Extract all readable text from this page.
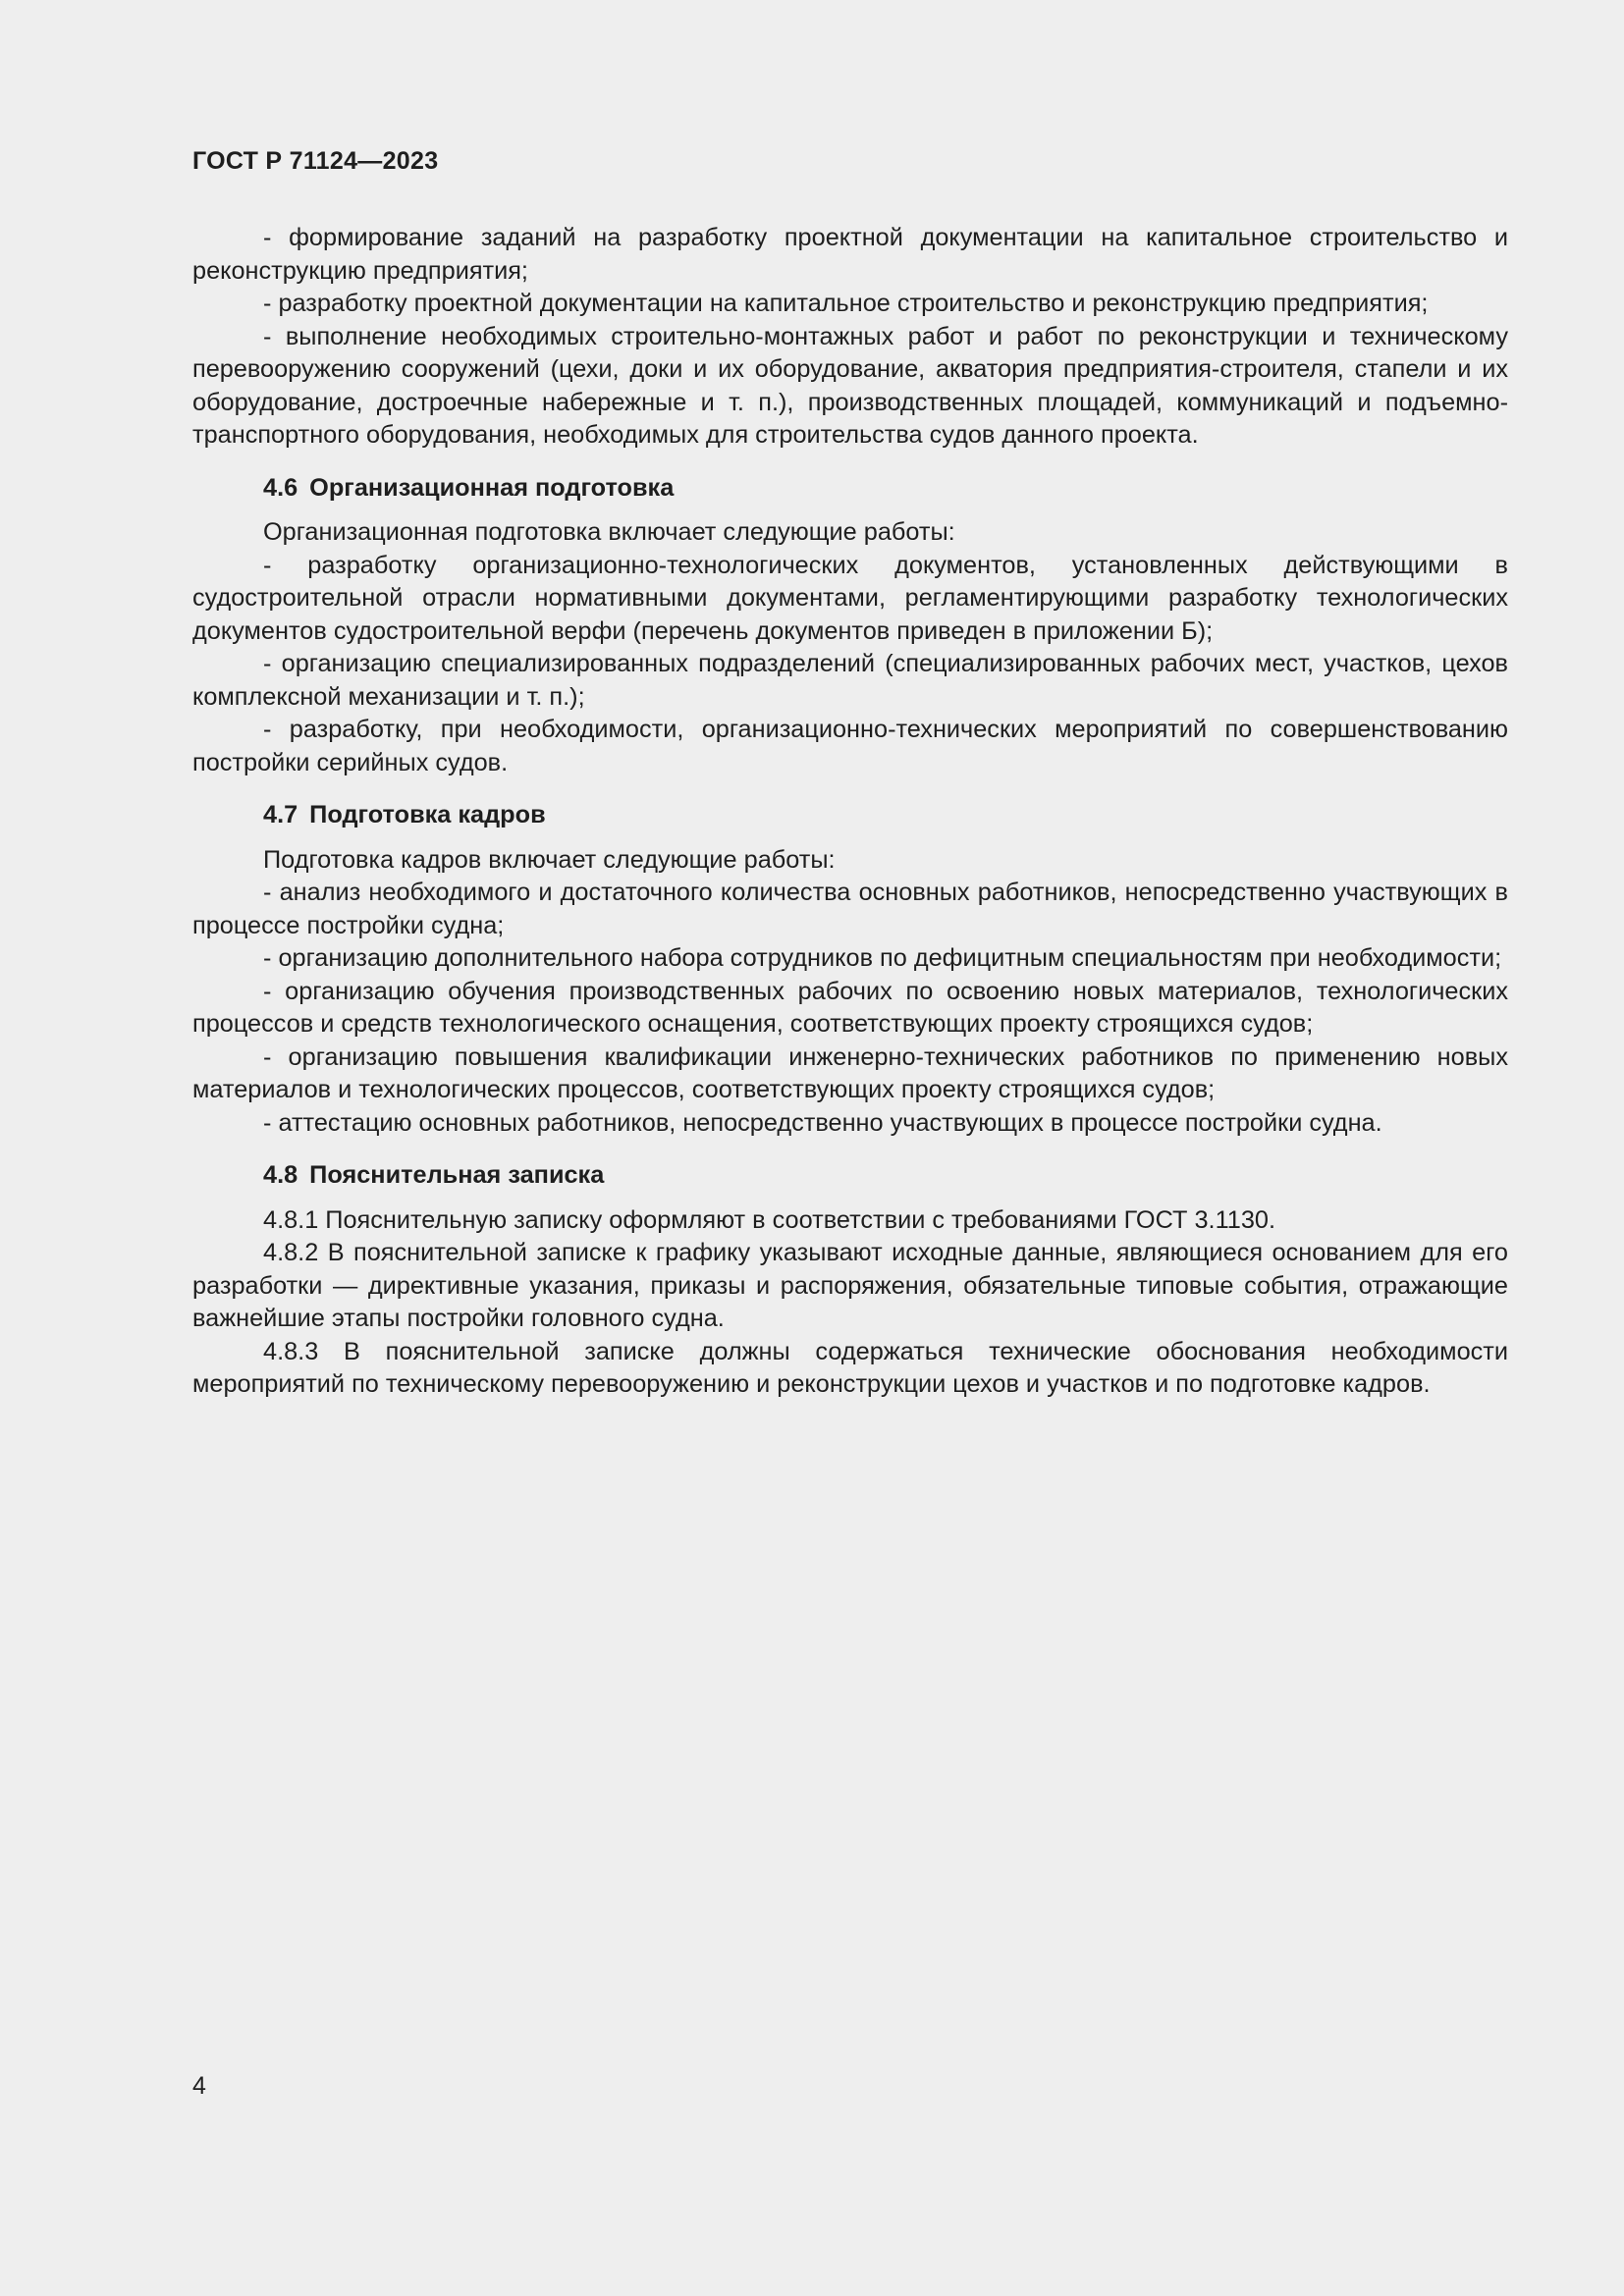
ГОСТ Р 71124—2023

- формирование заданий на разработку проектной документации на капитальное строительство и реконструкцию предприятия;

- разработку проектной документации на капитальное строительство и реконструкцию предприятия;

- выполнение необходимых строительно-монтажных работ и работ по реконструкции и техническому перевооружению сооружений (цехи, доки и их оборудование, акватория предприятия-строителя, стапели и их оборудование, достроечные набережные и т. п.), производственных площадей, коммуникаций и подъемно-транспортного оборудования, необходимых для строительства судов данного проекта.

4.6 Организационная подготовка

Организационная подготовка включает следующие работы:

- разработку организационно-технологических документов, установленных действующими в судостроительной отрасли нормативными документами, регламентирующими разработку технологических документов судостроительной верфи (перечень документов приведен в приложении Б);

- организацию специализированных подразделений (специализированных рабочих мест, участков, цехов комплексной механизации и т. п.);

- разработку, при необходимости, организационно-технических мероприятий по совершенствованию постройки серийных судов.

4.7 Подготовка кадров

Подготовка кадров включает следующие работы:

- анализ необходимого и достаточного количества основных работников, непосредственно участвующих в процессе постройки судна;

- организацию дополнительного набора сотрудников по дефицитным специальностям при необходимости;

- организацию обучения производственных рабочих по освоению новых материалов, технологических процессов и средств технологического оснащения, соответствующих проекту строящихся судов;

- организацию повышения квалификации инженерно-технических работников по применению новых материалов и технологических процессов, соответствующих проекту строящихся судов;

- аттестацию основных работников, непосредственно участвующих в процессе постройки судна.

4.8 Пояснительная записка

4.8.1 Пояснительную записку оформляют в соответствии с требованиями ГОСТ 3.1130.

4.8.2 В пояснительной записке к графику указывают исходные данные, являющиеся основанием для его разработки — директивные указания, приказы и распоряжения, обязательные типовые события, отражающие важнейшие этапы постройки головного судна.

4.8.3 В пояснительной записке должны содержаться технические обоснования необходимости мероприятий по техническому перевооружению и реконструкции цехов и участков и по подготовке кадров.

4
